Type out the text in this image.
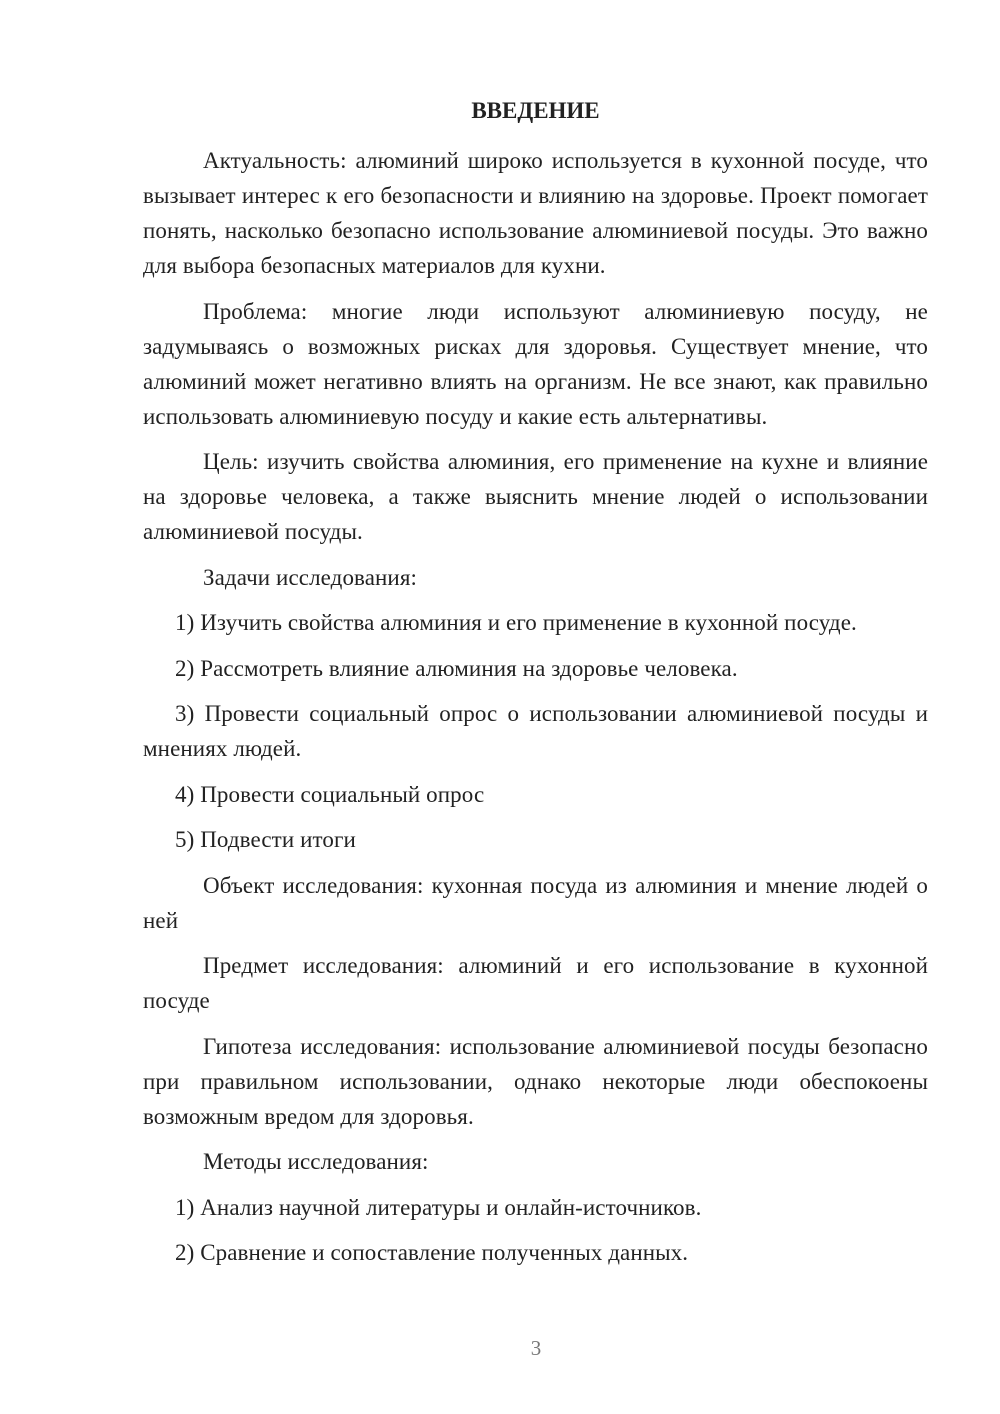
ВВЕДЕНИЕ

Актуальность: алюминий широко используется в кухонной посуде, что вызывает интерес к его безопасности и влиянию на здоровье. Проект помогает понять, насколько безопасно использование алюминиевой посуды. Это важно для выбора безопасных материалов для кухни.

Проблема: многие люди используют алюминиевую посуду, не задумываясь о возможных рисках для здоровья. Существует мнение, что алюминий может негативно влиять на организм. Не все знают, как правильно использовать алюминиевую посуду и какие есть альтернативы.

Цель: изучить свойства алюминия, его применение на кухне и влияние на здоровье человека, а также выяснить мнение людей о использовании алюминиевой посуды.

Задачи исследования:

1) Изучить свойства алюминия и его применение в кухонной посуде.

2) Рассмотреть влияние алюминия на здоровье человека.

3) Провести социальный опрос о использовании алюминиевой посуды и мнениях людей.

4) Провести социальный опрос

5) Подвести итоги

Объект исследования: кухонная посуда из алюминия и мнение людей о ней

Предмет исследования: алюминий и его использование в кухонной посуде

Гипотеза исследования: использование алюминиевой посуды безопасно при правильном использовании, однако некоторые люди обеспокоены возможным вредом для здоровья.

Методы исследования:

1) Анализ научной литературы и онлайн-источников.

2) Сравнение и сопоставление полученных данных.

3
